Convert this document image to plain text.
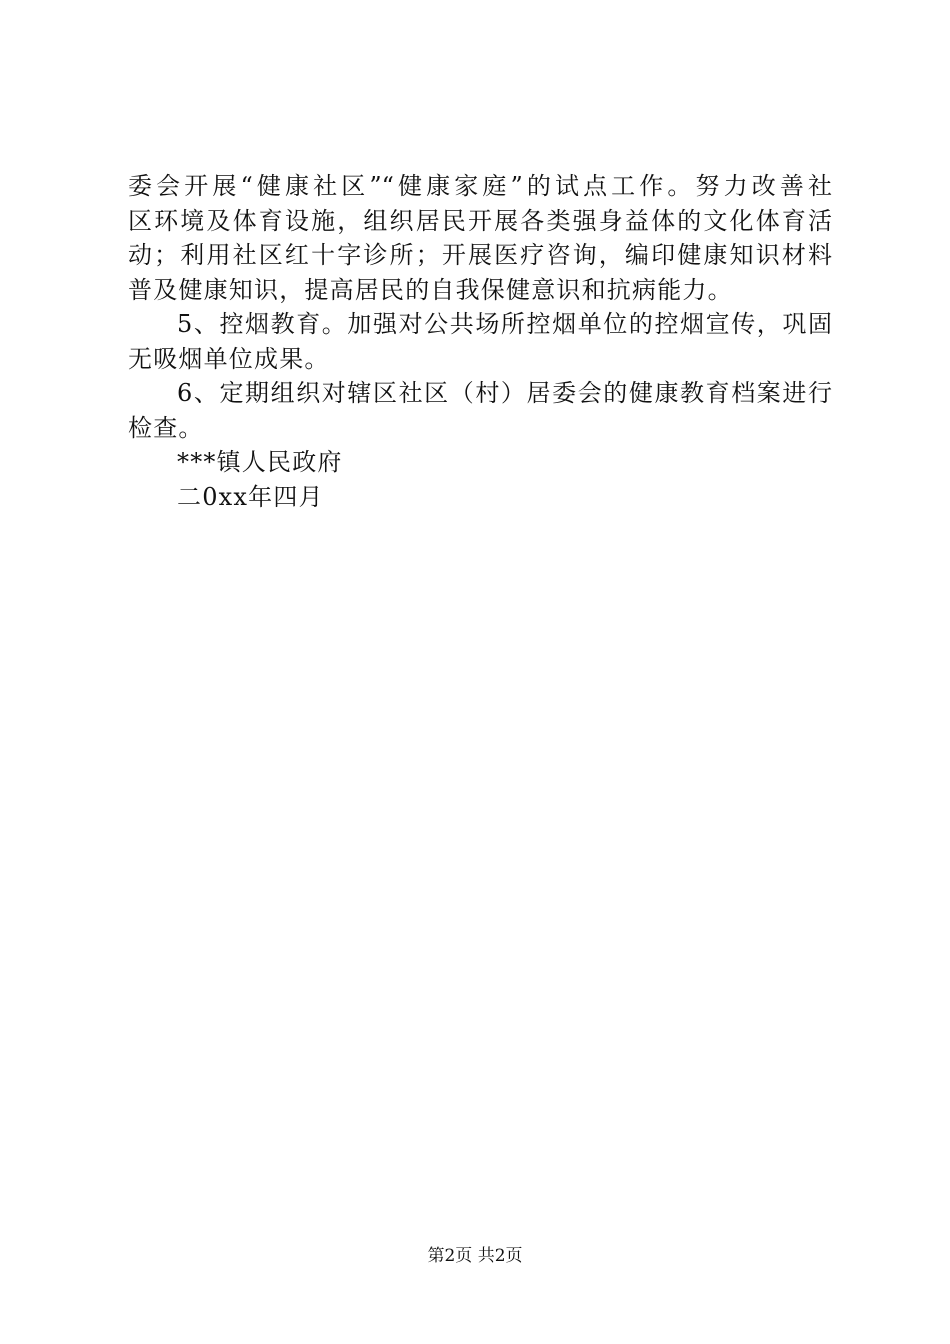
委会开展“健康社区”“健康家庭”的试点工作。努力改善社
区环境及体育设施，组织居民开展各类强身益体的文化体育活
动；利用社区红十字诊所；开展医疗咨询，编印健康知识材料
普及健康知识，提高居民的自我保健意识和抗病能力。
5、控烟教育。加强对公共场所控烟单位的控烟宣传，巩固
无吸烟单位成果。
6、定期组织对辖区社区（村）居委会的健康教育档案进行
检查。
***镇人民政府
二0xx年四月
第2页 共2页
